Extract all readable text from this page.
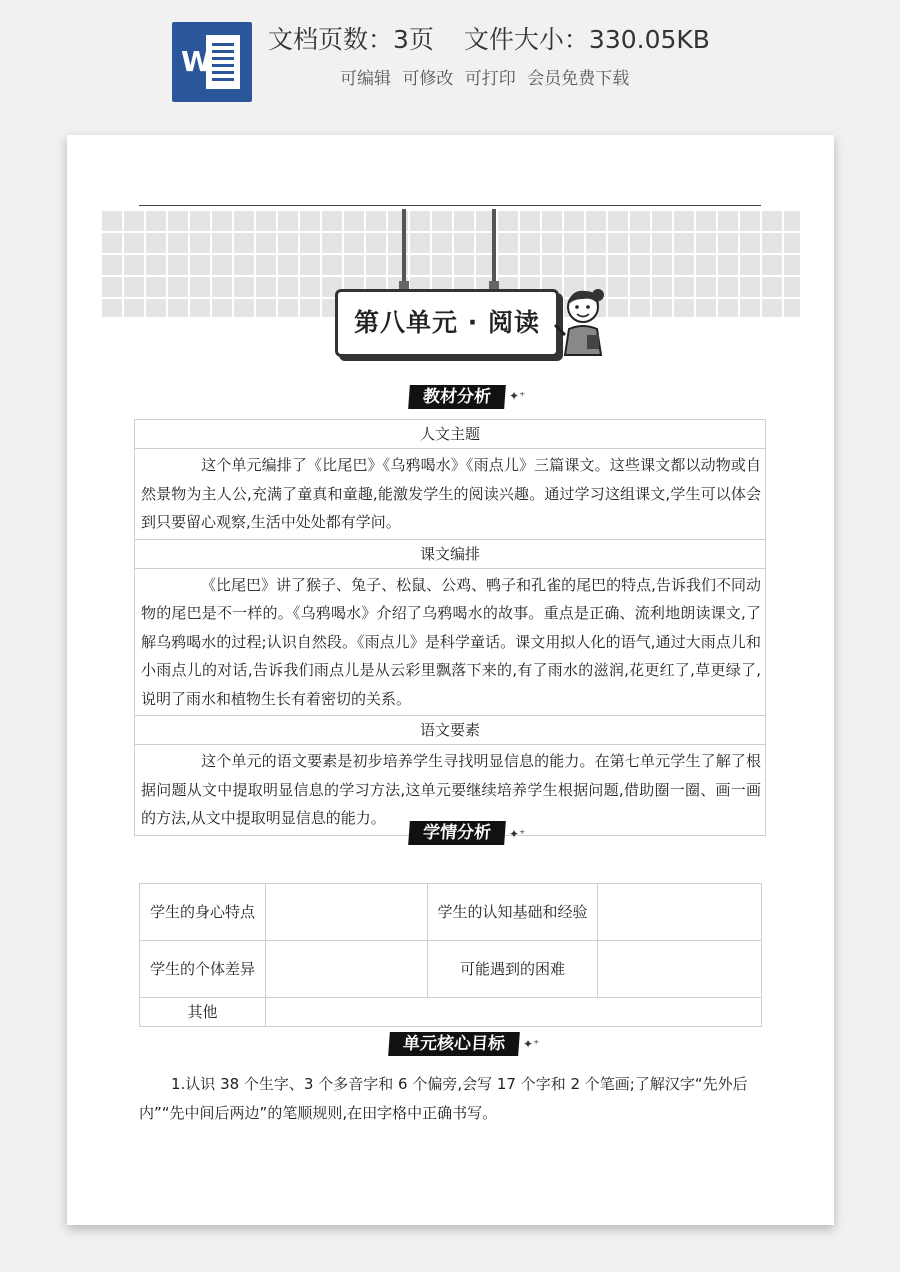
W
文档页数：3页 文件大小：330.05KB
可编辑 可修改 可打印 会员免费下载
第八单元 · 阅读
教材分析	✦⁺
人文主题
这个单元编排了《比尾巴》《乌鸦喝水》《雨点儿》三篇课文。这些课文都以动物或自然景物为主人公,充满了童真和童趣,能激发学生的阅读兴趣。通过学习这组课文,学生可以体会到只要留心观察,生活中处处都有学问。
课文编排
《比尾巴》讲了猴子、兔子、松鼠、公鸡、鸭子和孔雀的尾巴的特点,告诉我们不同动物的尾巴是不一样的。《乌鸦喝水》介绍了乌鸦喝水的故事。重点是正确、流利地朗读课文,了解乌鸦喝水的过程;认识自然段。《雨点儿》是科学童话。课文用拟人化的语气,通过大雨点儿和小雨点儿的对话,告诉我们雨点儿是从云彩里飘落下来的,有了雨水的滋润,花更红了,草更绿了,说明了雨水和植物生长有着密切的关系。
语文要素
这个单元的语文要素是初步培养学生寻找明显信息的能力。在第七单元学生了解了根据问题从文中提取明显信息的学习方法,这单元要继续培养学生根据问题,借助圈一圈、画一画的方法,从文中提取明显信息的能力。
学情分析	✦⁺
学生的身心特点		学生的认知基础和经验	
学生的个体差异		可能遇到的困难	
其他			
单元核心目标	✦⁺
1.认识 38 个生字、3 个多音字和 6 个偏旁,会写 17 个字和 2 个笔画;了解汉字“先外后内”“先中间后两边”的笔顺规则,在田字格中正确书写。
